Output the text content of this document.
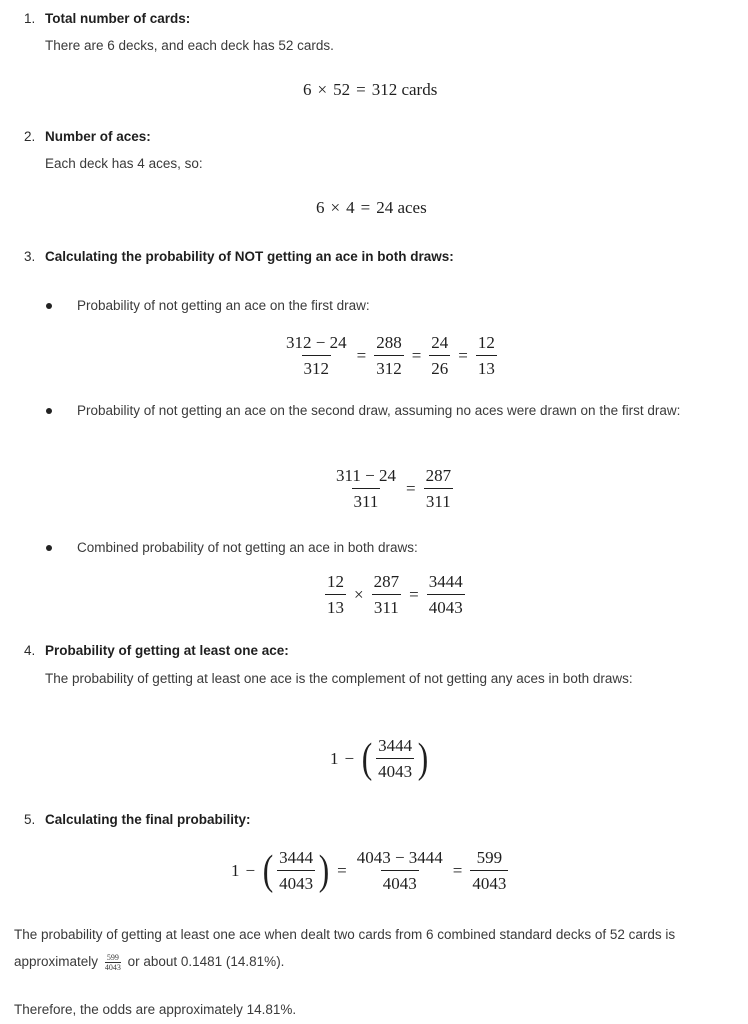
1. Total number of cards:
There are 6 decks, and each deck has 52 cards.
6 × 52 = 312 cards
2. Number of aces:
Each deck has 4 aces, so:
6 × 4 = 24 aces
3. Calculating the probability of NOT getting an ace in both draws:
Probability of not getting an ace on the first draw:
$\frac{312 - 24}{312} = \frac{288}{312} = \frac{24}{26} = \frac{12}{13}$
Probability of not getting an ace on the second draw, assuming no aces were drawn on the first draw:
$\frac{311 - 24}{311} = \frac{287}{311}$
Combined probability of not getting an ace in both draws:
$\frac{12}{13} \times \frac{287}{311} = \frac{3444}{4043}$
4. Probability of getting at least one ace:
The probability of getting at least one ace is the complement of not getting any aces in both draws:
1 − ( $\frac{3444}{4043}$ )
5. Calculating the final probability:
1 − ( $\frac{3444}{4043}$ ) = $\frac{4043 - 3444}{4043} = \frac{599}{4043}$
The probability of getting at least one ace when dealt two cards from 6 combined standard decks of 52 cards is approximately $\frac{599}{4043}$ or about 0.1481 (14.81%).
Therefore, the odds are approximately 14.81%.
